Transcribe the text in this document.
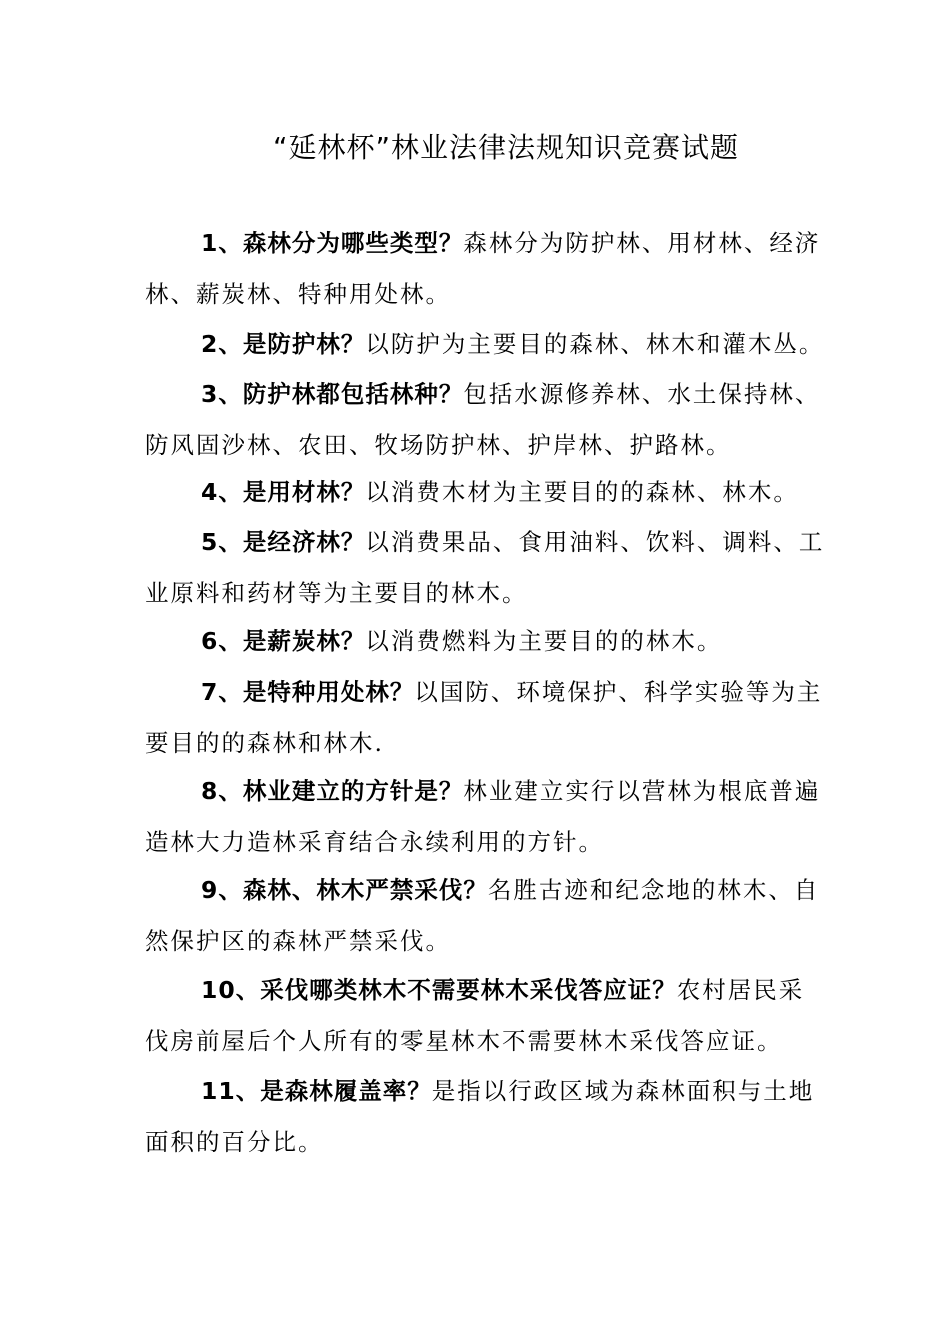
“延林杯”林业法律法规知识竞赛试题

1、森林分为哪些类型？森林分为防护林、用材林、经济林、薪炭林、特种用处林。

2、是防护林？以防护为主要目的森林、林木和灌木丛。

3、防护林都包括林种？包括水源修养林、水土保持林、防风固沙林、农田、牧场防护林、护岸林、护路林。

4、是用材林？以消费木材为主要目的的森林、林木。

5、是经济林？以消费果品、食用油料、饮料、调料、工业原料和药材等为主要目的林木。

6、是薪炭林？以消费燃料为主要目的的林木。

7、是特种用处林？以国防、环境保护、科学实验等为主要目的的森林和林木.

8、林业建立的方针是？林业建立实行以营林为根底普遍造林大力造林采育结合永续利用的方针。

9、森林、林木严禁采伐？名胜古迹和纪念地的林木、自然保护区的森林严禁采伐。

10、采伐哪类林木不需要林木采伐答应证？农村居民采伐房前屋后个人所有的零星林木不需要林木采伐答应证。

11、是森林履盖率？是指以行政区域为森林面积与土地面积的百分比。
